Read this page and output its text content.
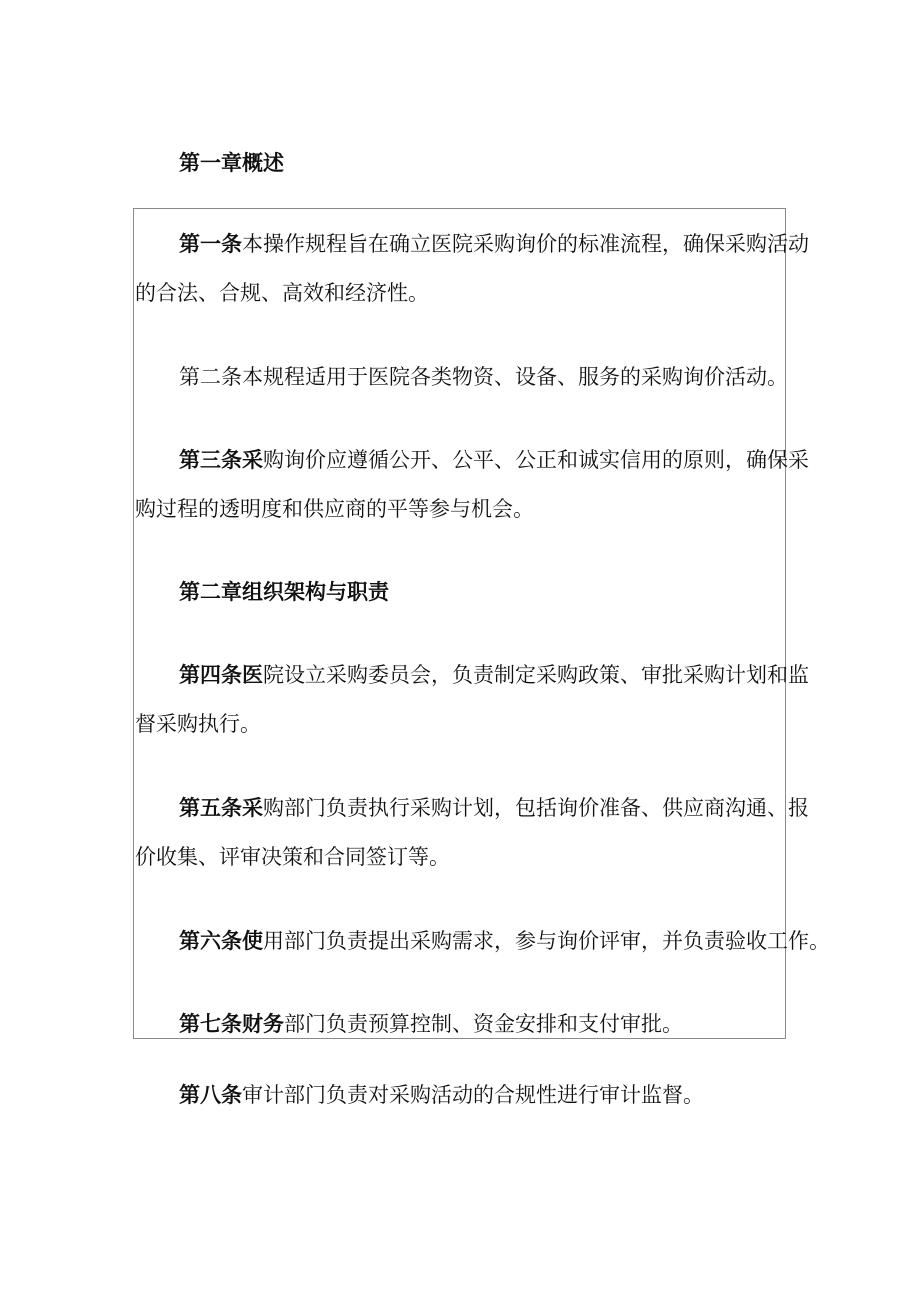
第一章概述
第一条本操作规程旨在确立医院采购询价的标准流程，确保采购活动
的合法、合规、高效和经济性。
第二条本规程适用于医院各类物资、设备、服务的采购询价活动。
第三条采购询价应遵循公开、公平、公正和诚实信用的原则，确保采
购过程的透明度和供应商的平等参与机会。
第二章组织架构与职责
第四条医院设立采购委员会，负责制定采购政策、审批采购计划和监
督采购执行。
第五条采购部门负责执行采购计划，包括询价准备、供应商沟通、报
价收集、评审决策和合同签订等。
第六条使用部门负责提出采购需求，参与询价评审，并负责验收工作。
第七条财务部门负责预算控制、资金安排和支付审批。
第八条审计部门负责对采购活动的合规性进行审计监督。
